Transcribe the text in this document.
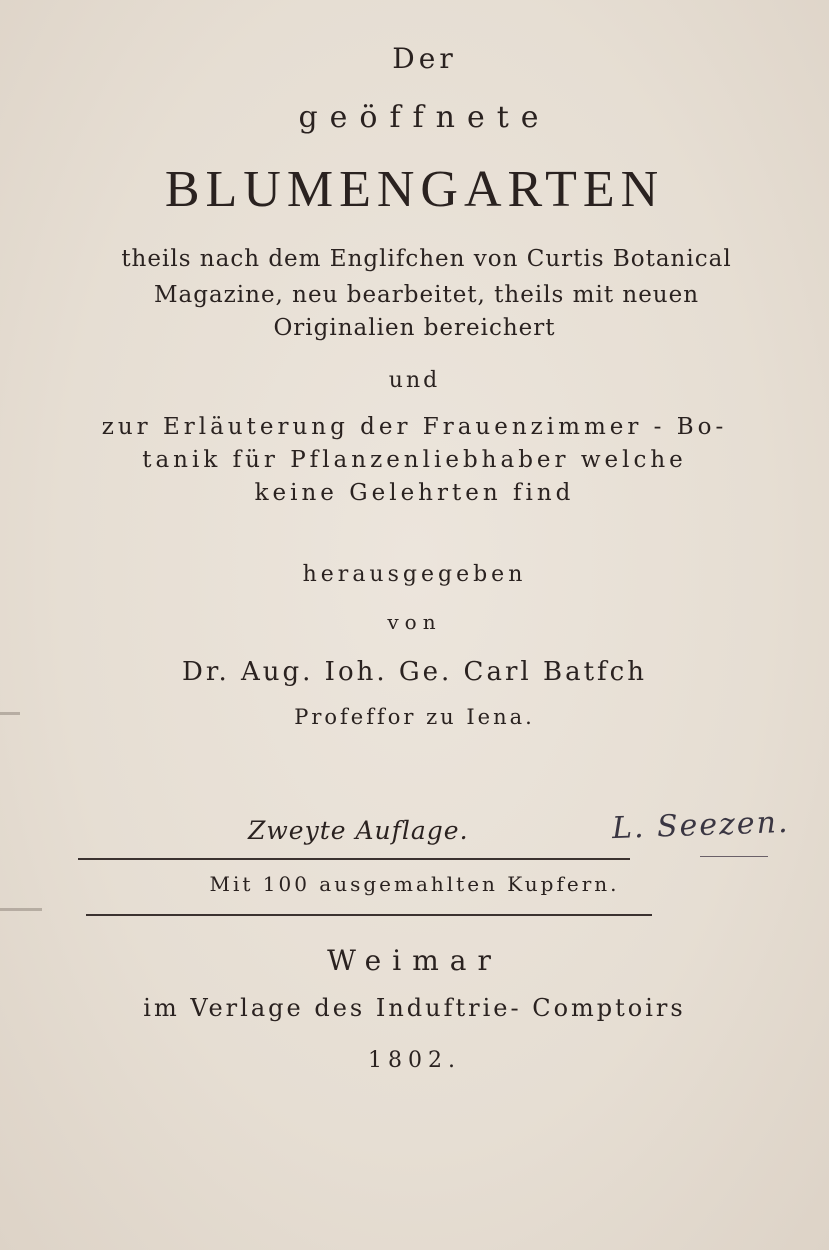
Der
geöffnete
BLUMENGARTEN
theils nach dem Englifchen von Curtis Botanical
Magazine, neu bearbeitet, theils mit neuen
Originalien bereichert
und
zur Erläuterung der Frauenzimmer - Bo-
tanik für Pflanzenliebhaber welche
keine Gelehrten find
herausgegeben
von
Dr. Aug. Ioh. Ge. Carl Batfch
Profeffor zu Iena.
Zweyte Auflage.	L. Seezen.
Mit 100 ausgemahlten Kupfern.
Weimar
im Verlage des Induftrie- Comptoirs
1802.
